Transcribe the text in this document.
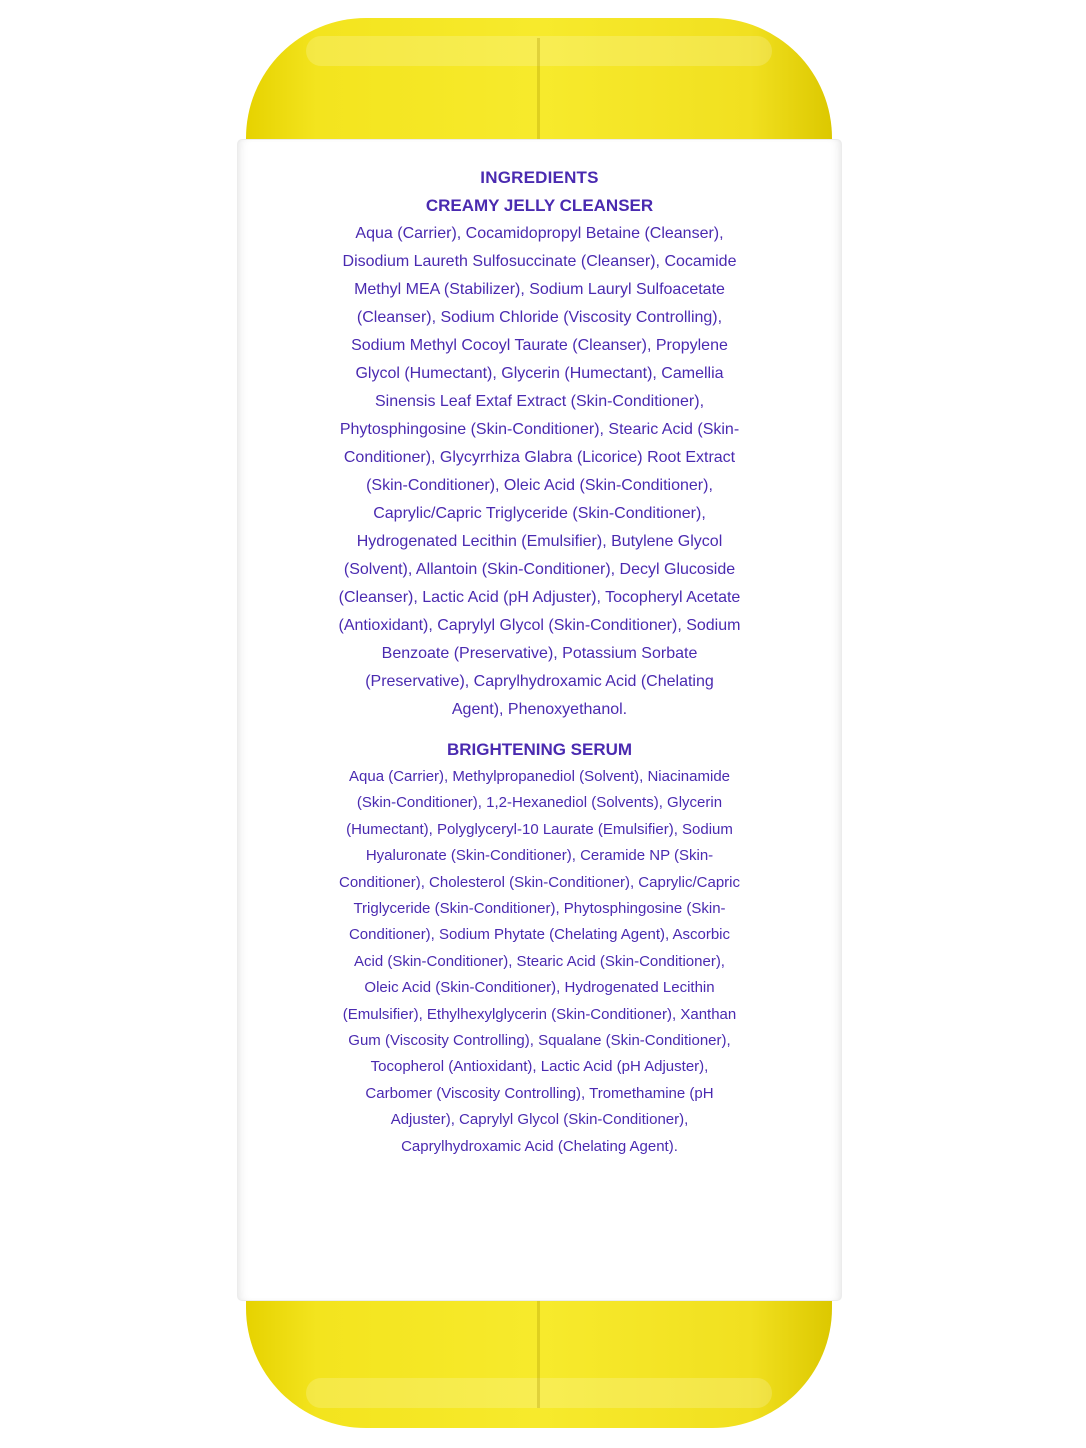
INGREDIENTS
CREAMY JELLY CLEANSER

Aqua (Carrier), Cocamidopropyl Betaine (Cleanser), Disodium Laureth Sulfosuccinate (Cleanser), Cocamide Methyl MEA (Stabilizer), Sodium Lauryl Sulfoacetate (Cleanser), Sodium Chloride (Viscosity Controlling), Sodium Methyl Cocoyl Taurate (Cleanser), Propylene Glycol (Humectant), Glycerin (Humectant), Camellia Sinensis Leaf Extaf Extract (Skin-Conditioner), Phytosphingosine (Skin-Conditioner), Stearic Acid (Skin-Conditioner), Glycyrrhiza Glabra (Licorice) Root Extract (Skin-Conditioner), Oleic Acid (Skin-Conditioner), Caprylic/Capric Triglyceride (Skin-Conditioner), Hydrogenated Lecithin (Emulsifier), Butylene Glycol (Solvent), Allantoin (Skin-Conditioner), Decyl Glucoside (Cleanser), Lactic Acid (pH Adjuster), Tocopheryl Acetate (Antioxidant), Caprylyl Glycol (Skin-Conditioner), Sodium Benzoate (Preservative), Potassium Sorbate (Preservative), Caprylhydroxamic Acid (Chelating Agent), Phenoxyethanol.

BRIGHTENING SERUM

Aqua (Carrier), Methylpropanediol (Solvent), Niacinamide (Skin-Conditioner), 1,2-Hexanediol (Solvents), Glycerin (Humectant), Polyglyceryl-10 Laurate (Emulsifier), Sodium Hyaluronate (Skin-Conditioner), Ceramide NP (Skin-Conditioner), Cholesterol (Skin-Conditioner), Caprylic/Capric Triglyceride (Skin-Conditioner), Phytosphingosine (Skin-Conditioner), Sodium Phytate (Chelating Agent), Ascorbic Acid (Skin-Conditioner), Stearic Acid (Skin-Conditioner), Oleic Acid (Skin-Conditioner), Hydrogenated Lecithin (Emulsifier), Ethylhexylglycerin (Skin-Conditioner), Xanthan Gum (Viscosity Controlling), Squalane (Skin-Conditioner), Tocopherol (Antioxidant), Lactic Acid (pH Adjuster), Carbomer (Viscosity Controlling), Tromethamine (pH Adjuster), Caprylyl Glycol (Skin-Conditioner), Caprylhydroxamic Acid (Chelating Agent).
